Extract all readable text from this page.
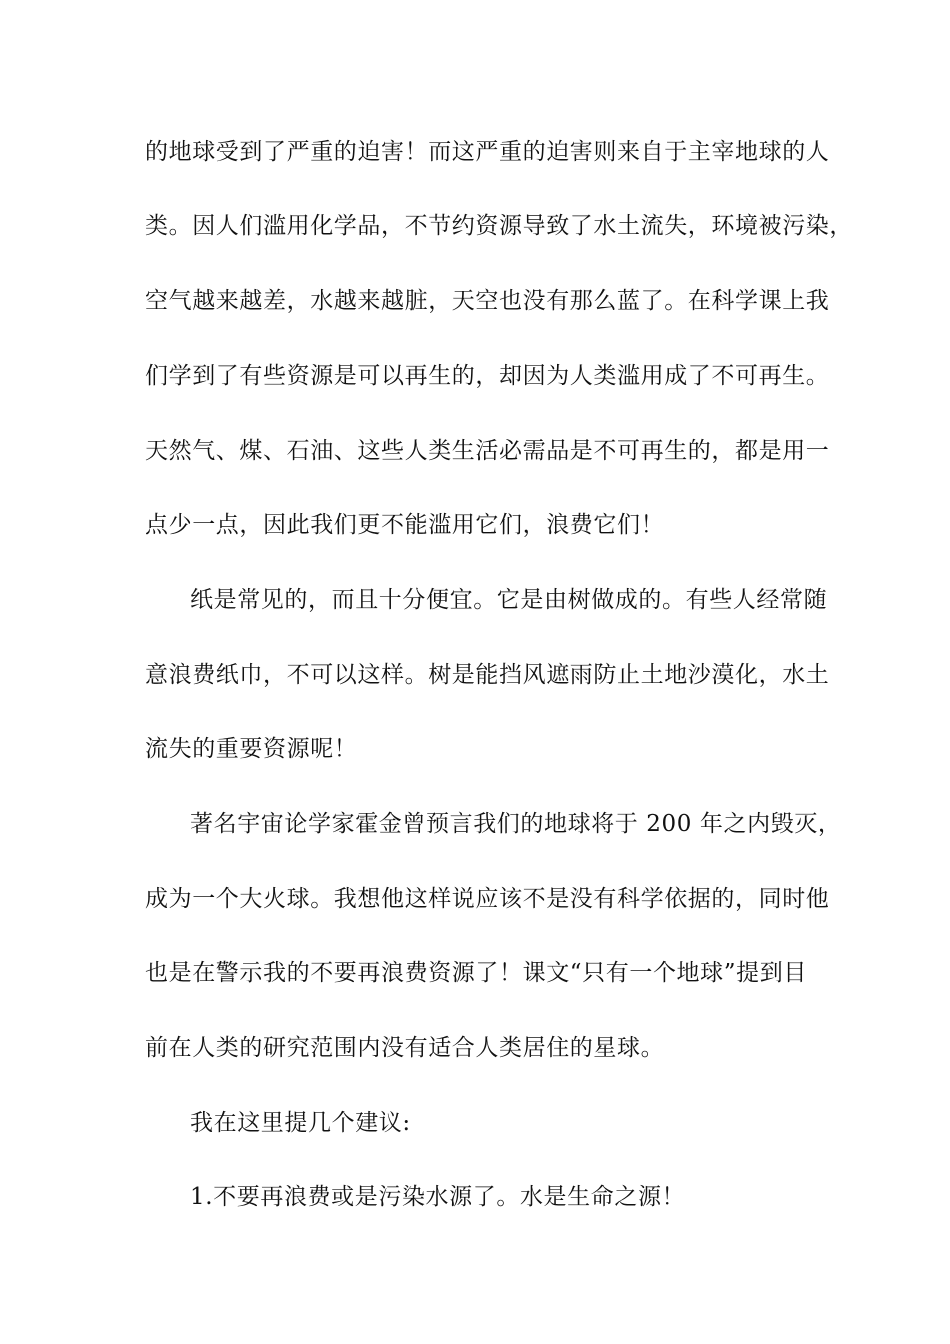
的地球受到了严重的迫害！而这严重的迫害则来自于主宰地球的人
类。因人们滥用化学品，不节约资源导致了水土流失，环境被污染，
空气越来越差，水越来越脏，天空也没有那么蓝了。在科学课上我
们学到了有些资源是可以再生的，却因为人类滥用成了不可再生。
天然气、煤、石油、这些人类生活必需品是不可再生的，都是用一
点少一点，因此我们更不能滥用它们，浪费它们！
纸是常见的，而且十分便宜。它是由树做成的。有些人经常随
意浪费纸巾，不可以这样。树是能挡风遮雨防止土地沙漠化，水土
流失的重要资源呢！
著名宇宙论学家霍金曾预言我们的地球将于 200 年之内毁灭，
成为一个大火球。我想他这样说应该不是没有科学依据的，同时他
也是在警示我的不要再浪费资源了！课文“只有一个地球”提到目
前在人类的研究范围内没有适合人类居住的星球。
我在这里提几个建议:
1.不要再浪费或是污染水源了。水是生命之源！
